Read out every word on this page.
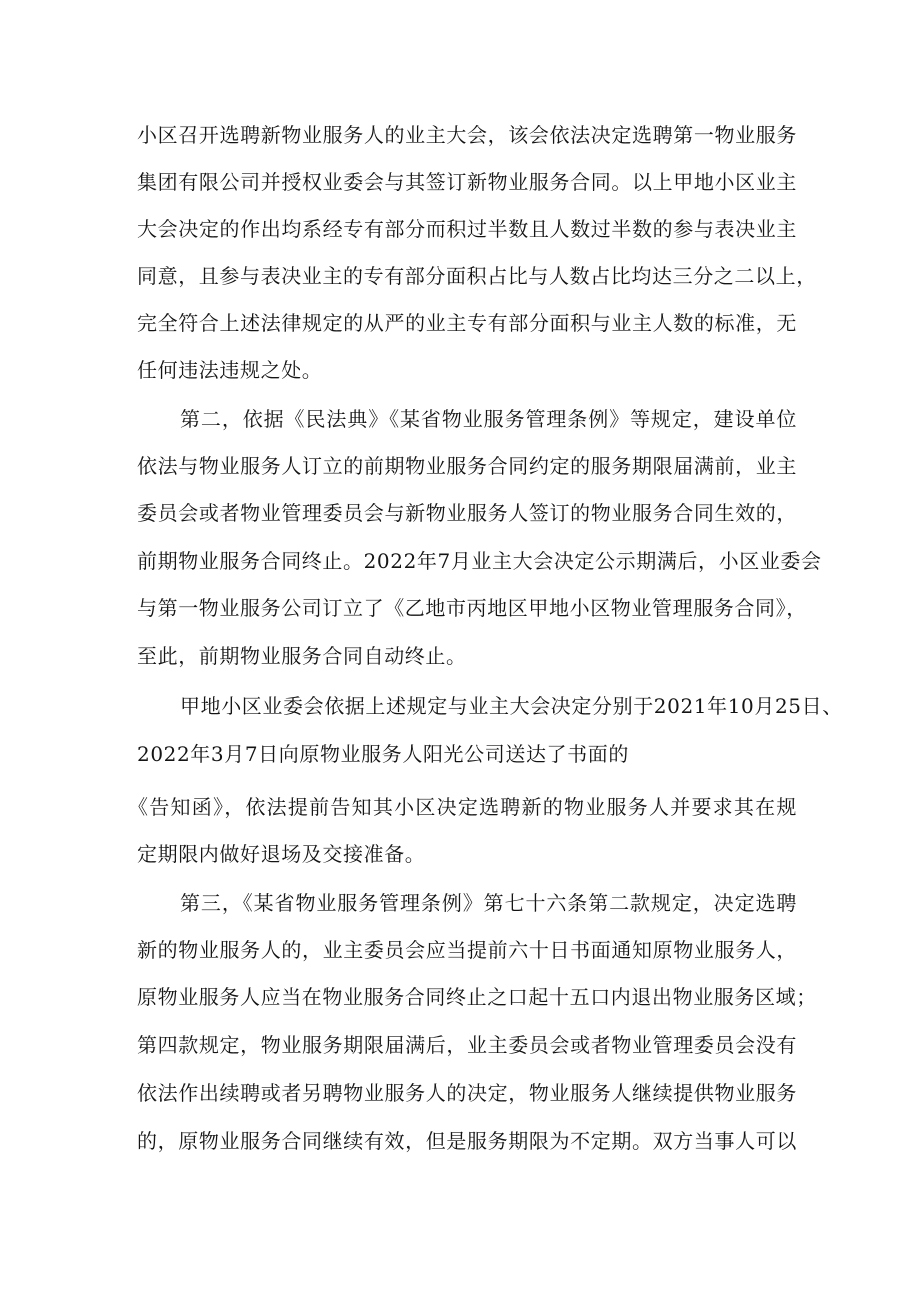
小区召开选聘新物业服务人的业主大会，该会依法决定选聘第一物业服务
集团有限公司并授权业委会与其签订新物业服务合同。以上甲地小区业主
大会决定的作出均系经专有部分而积过半数且人数过半数的参与表决业主
同意，且参与表决业主的专有部分面积占比与人数占比均达三分之二以上，
完全符合上述法律规定的从严的业主专有部分面积与业主人数的标准，无
任何违法违规之处。
第二，依据《民法典》《某省物业服务管理条例》等规定，建设单位
依法与物业服务人订立的前期物业服务合同约定的服务期限届满前，业主
委员会或者物业管理委员会与新物业服务人签订的物业服务合同生效的，
前期物业服务合同终止。2022年7月业主大会决定公示期满后，小区业委会
与第一物业服务公司订立了《乙地市丙地区甲地小区物业管理服务合同》，
至此，前期物业服务合同自动终止。
甲地小区业委会依据上述规定与业主大会决定分别于2021年10月25日、
2022年3月7日向原物业服务人阳光公司送达了书面的
《告知函》，依法提前告知其小区决定选聘新的物业服务人并要求其在规
定期限内做好退场及交接准备。
第三，《某省物业服务管理条例》第七十六条第二款规定，决定选聘
新的物业服务人的，业主委员会应当提前六十日书面通知原物业服务人，
原物业服务人应当在物业服务合同终止之口起十五口内退出物业服务区域；
第四款规定，物业服务期限届满后，业主委员会或者物业管理委员会没有
依法作出续聘或者另聘物业服务人的决定，物业服务人继续提供物业服务
的，原物业服务合同继续有效，但是服务期限为不定期。双方当事人可以
